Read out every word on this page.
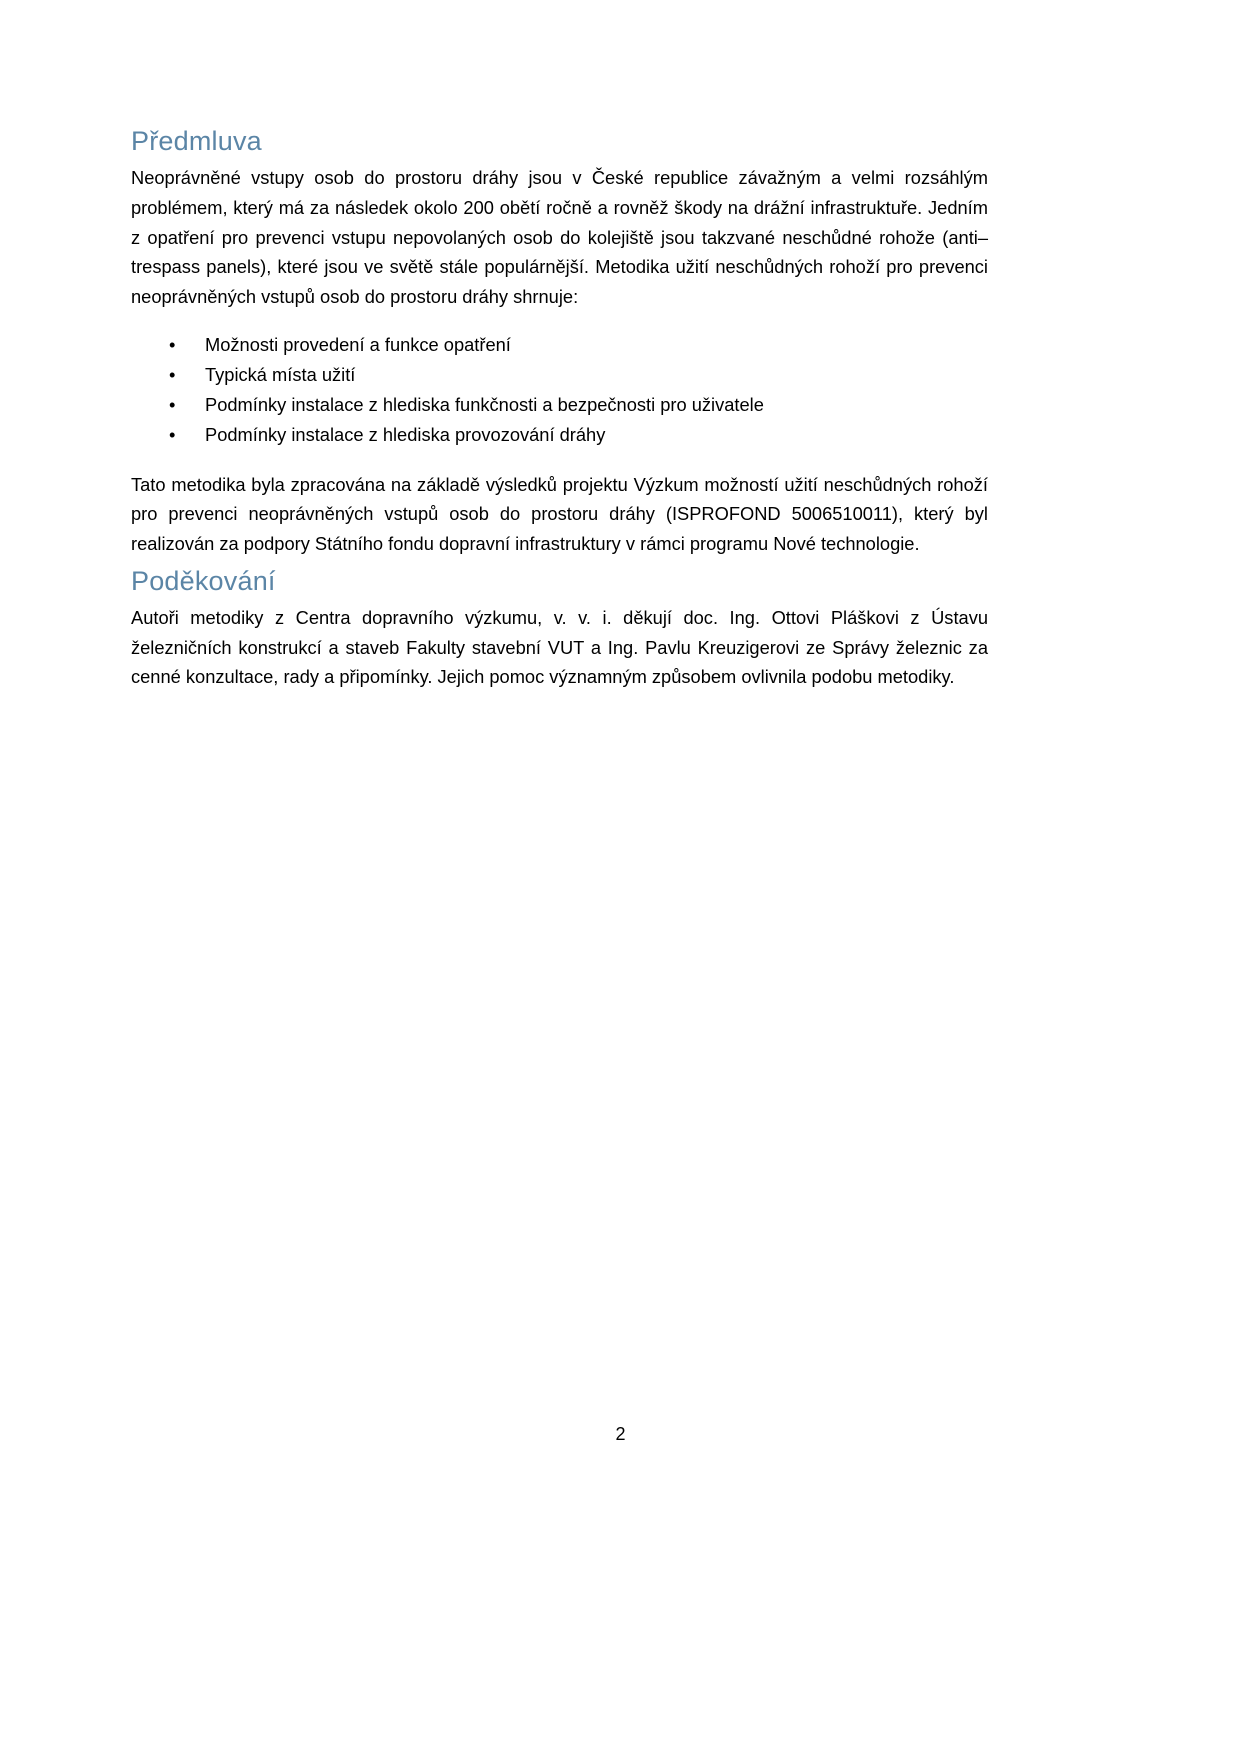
Předmluva

Neoprávněné vstupy osob do prostoru dráhy jsou v České republice závažným a velmi rozsáhlým problémem, který má za následek okolo 200 obětí ročně a rovněž škody na drážní infrastruktuře. Jedním z opatření pro prevenci vstupu nepovolaných osob do kolejiště jsou takzvané neschůdné rohože (anti–trespass panels), které jsou ve světě stále populárnější. Metodika užití neschůdných rohoží pro prevenci neoprávněných vstupů osob do prostoru dráhy shrnuje:

• Možnosti provedení a funkce opatření
• Typická místa užití
• Podmínky instalace z hlediska funkčnosti a bezpečnosti pro uživatele
• Podmínky instalace z hlediska provozování dráhy

Tato metodika byla zpracována na základě výsledků projektu Výzkum možností užití neschůdných rohoží pro prevenci neoprávněných vstupů osob do prostoru dráhy (ISPROFOND 5006510011), který byl realizován za podpory Státního fondu dopravní infrastruktury v rámci programu Nové technologie.

Poděkování

Autoři metodiky z Centra dopravního výzkumu, v. v. i. děkují doc. Ing. Ottovi Pláškovi z Ústavu železničních konstrukcí a staveb Fakulty stavební VUT a Ing. Pavlu Kreuzigerovi ze Správy železnic za cenné konzultace, rady a připomínky. Jejich pomoc významným způsobem ovlivnila podobu metodiky.

2
